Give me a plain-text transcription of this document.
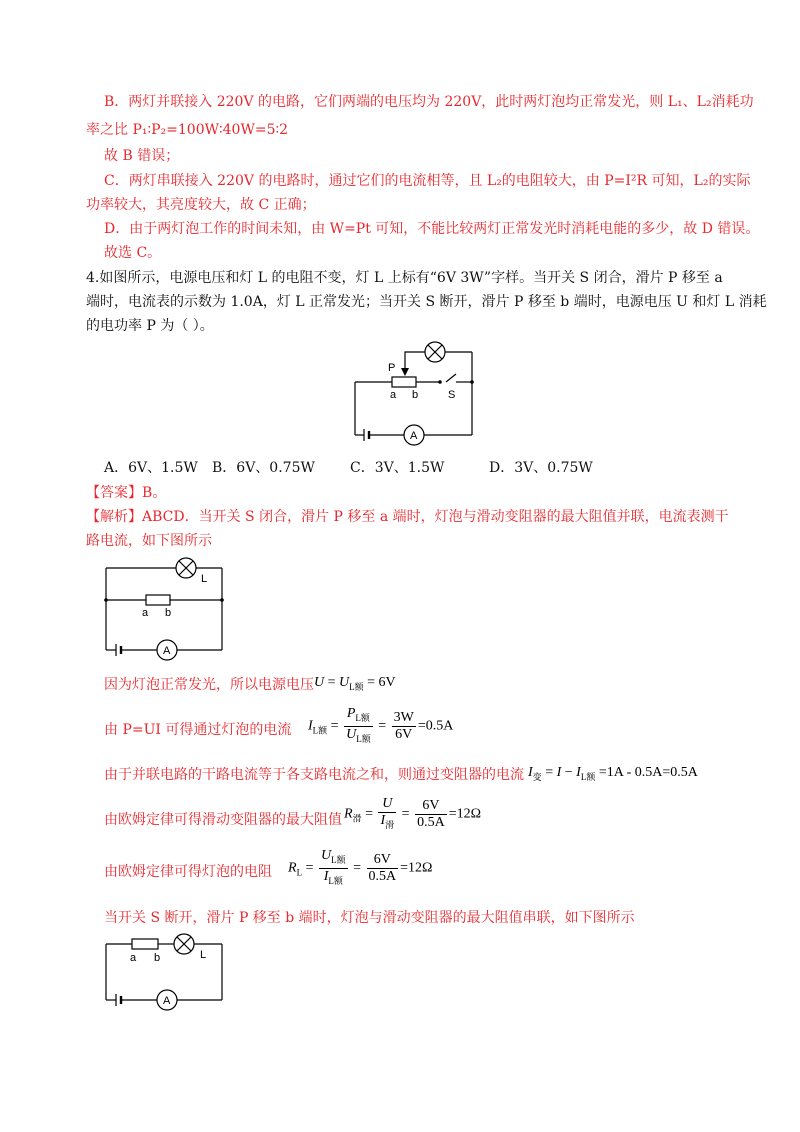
B．两灯并联接入 220V 的电路，它们两端的电压均为 220V，此时两灯泡均正常发光，则 L₁、L₂消耗功
率之比 P₁∶P₂=100W∶40W=5∶2
故 B 错误；
C．两灯串联接入 220V 的电路时，通过它们的电流相等，且 L₂的电阻较大，由 P=I²R 可知，L₂的实际
功率较大，其亮度较大，故 C 正确；
D．由于两灯泡工作的时间未知，由 W=Pt 可知，不能比较两灯正常发光时消耗电能的多少，故 D 错误。
故选 C。
4.如图所示，电源电压和灯 L 的电阻不变，灯 L 上标有“6V 3W”字样。当开关 S 闭合，滑片 P 移至 a
端时，电流表的示数为 1.0A，灯 L 正常发光；当开关 S 断开，滑片 P 移至 b 端时，电源电压 U 和灯 L 消耗
的电功率 P 为（ ）。
P
a b	S
A
A．6V、1.5W B．6V、0.75W	C．3V、1.5W	D．3V、0.75W
【答案】B。
【解析】ABCD．当开关 S 闭合，滑片 P 移至 a 端时，灯泡与滑动变阻器的最大阻值并联，电流表测干
路电流，如下图所示
L
a b
A
因为灯泡正常发光，所以电源电压 $U = U_{L额} = 6V$
由 P=UI 可得通过灯泡的电流 $I_{L额} = \frac{P_{L额}}{U_{L额}} = \frac{3W}{6V} =0.5A$
由于并联电路的干路电流等于各支路电流之和，则通过变阻器的电流 $I_变 = I - I_{L额} =1A - 0.5A=0.5A$
由欧姆定律可得滑动变阻器的最大阻值 $R_滑 = \frac{U}{I_滑} = \frac{6V}{0.5A} =12\Omega$
由欧姆定律可得灯泡的电阻 $R_L = \frac{U_{L额}}{I_{L额}} = \frac{6V}{0.5A} =12\Omega$
当开关 S 断开，滑片 P 移至 b 端时，灯泡与滑动变阻器的最大阻值串联，如下图所示
L
a b
A
